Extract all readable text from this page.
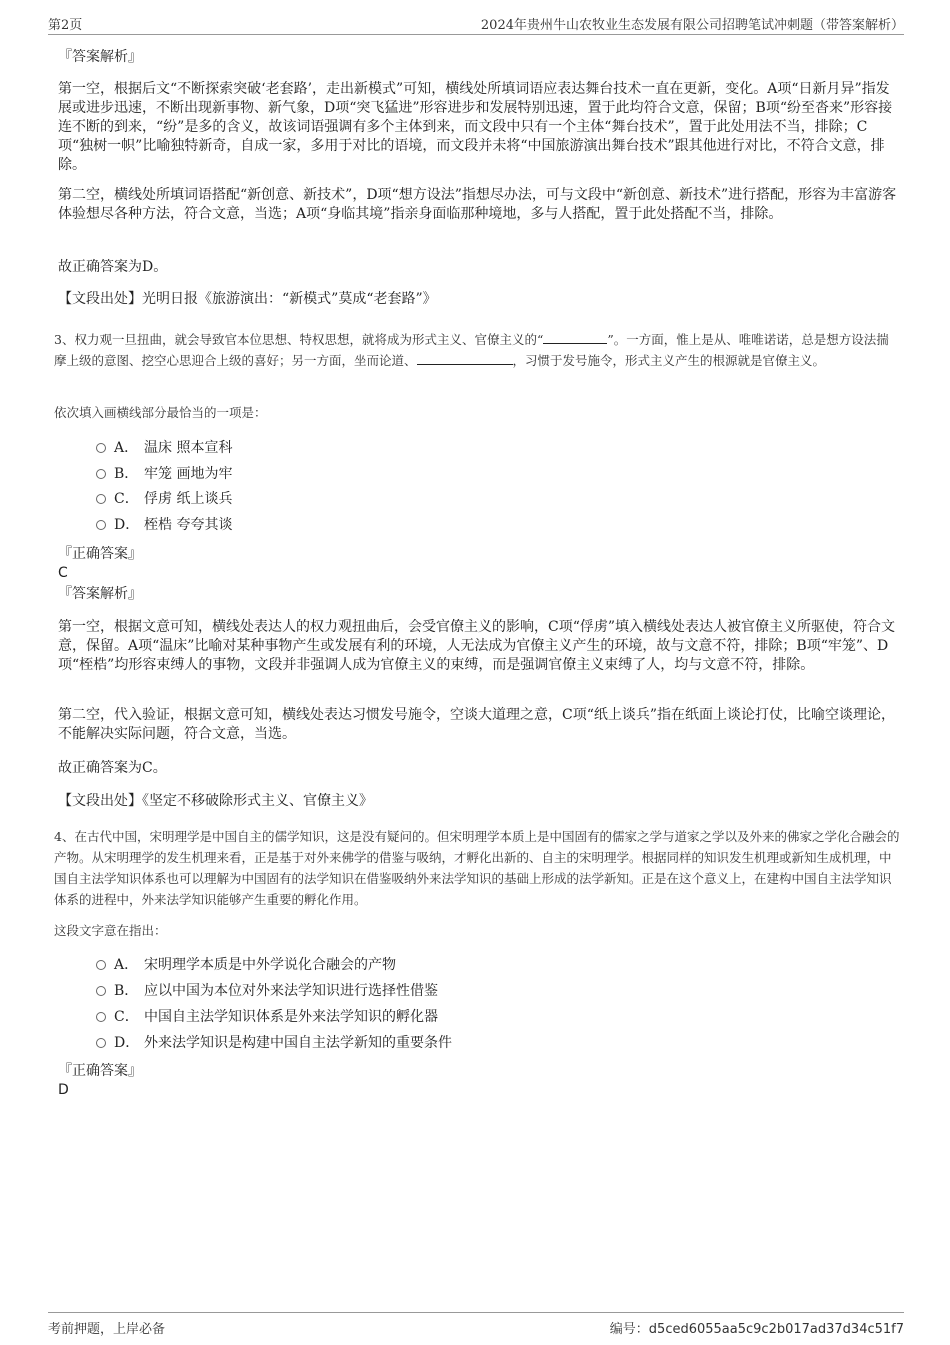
第2页	2024年贵州牛山农牧业生态发展有限公司招聘笔试冲刺题（带答案解析）
『答案解析』
第一空，根据后文“不断探索突破‘老套路’，走出新模式”可知，横线处所填词语应表达舞台技术一直在更新，变化。A项“日新月异”指发展或进步迅速，不断出现新事物、新气象，D项“突飞猛进”形容进步和发展特别迅速，置于此均符合文意，保留；B项“纷至沓来”形容接连不断的到来，“纷”是多的含义，故该词语强调有多个主体到来，而文段中只有一个主体“舞台技术”，置于此处用法不当，排除；C项“独树一帜”比喻独特新奇，自成一家，多用于对比的语境，而文段并未将“中国旅游演出舞台技术”跟其他进行对比，不符合文意，排除。
第二空，横线处所填词语搭配“新创意、新技术”，D项“想方设法”指想尽办法，可与文段中“新创意、新技术”进行搭配，形容为丰富游客体验想尽各种方法，符合文意，当选；A项“身临其境”指亲身面临那种境地，多与人搭配，置于此处搭配不当，排除。
故正确答案为D。
【文段出处】光明日报《旅游演出：“新模式”莫成“老套路”》
3、权力观一旦扭曲，就会导致官本位思想、特权思想，就将成为形式主义、官僚主义的“	”。一方面，惟上是从、唯唯诺诺，总是想方设法揣摩上级的意图、挖空心思迎合上级的喜好；另一方面，坐而论道、	，习惯于发号施令，形式主义产生的根源就是官僚主义。
依次填入画横线部分最恰当的一项是：
A． 温床 照本宣科
B． 牢笼 画地为牢
C． 俘虏 纸上谈兵
D． 桎梏 夸夸其谈
『正确答案』
C
『答案解析』
第一空，根据文意可知，横线处表达人的权力观扭曲后，会受官僚主义的影响，C项“俘虏”填入横线处表达人被官僚主义所驱使，符合文意，保留。A项“温床”比喻对某种事物产生或发展有利的环境，人无法成为官僚主义产生的环境，故与文意不符，排除；B项“牢笼”、D项“桎梏”均形容束缚人的事物，文段并非强调人成为官僚主义的束缚，而是强调官僚主义束缚了人，均与文意不符，排除。
第二空，代入验证，根据文意可知，横线处表达习惯发号施令，空谈大道理之意，C项“纸上谈兵”指在纸面上谈论打仗，比喻空谈理论，不能解决实际问题，符合文意，当选。
故正确答案为C。
【文段出处】《坚定不移破除形式主义、官僚主义》
4、在古代中国，宋明理学是中国自主的儒学知识，这是没有疑问的。但宋明理学本质上是中国固有的儒家之学与道家之学以及外来的佛家之学化合融会的产物。从宋明理学的发生机理来看，正是基于对外来佛学的借鉴与吸纳，才孵化出新的、自主的宋明理学。根据同样的知识发生机理或新知生成机理，中国自主法学知识体系也可以理解为中国固有的法学知识在借鉴吸纳外来法学知识的基础上形成的法学新知。正是在这个意义上，在建构中国自主法学知识体系的进程中，外来法学知识能够产生重要的孵化作用。
这段文字意在指出：
A． 宋明理学本质是中外学说化合融会的产物
B． 应以中国为本位对外来法学知识进行选择性借鉴
C． 中国自主法学知识体系是外来法学知识的孵化器
D． 外来法学知识是构建中国自主法学新知的重要条件
『正确答案』
D
考前押题，上岸必备	编号：d5ced6055aa5c9c2b017ad37d34c51f7
